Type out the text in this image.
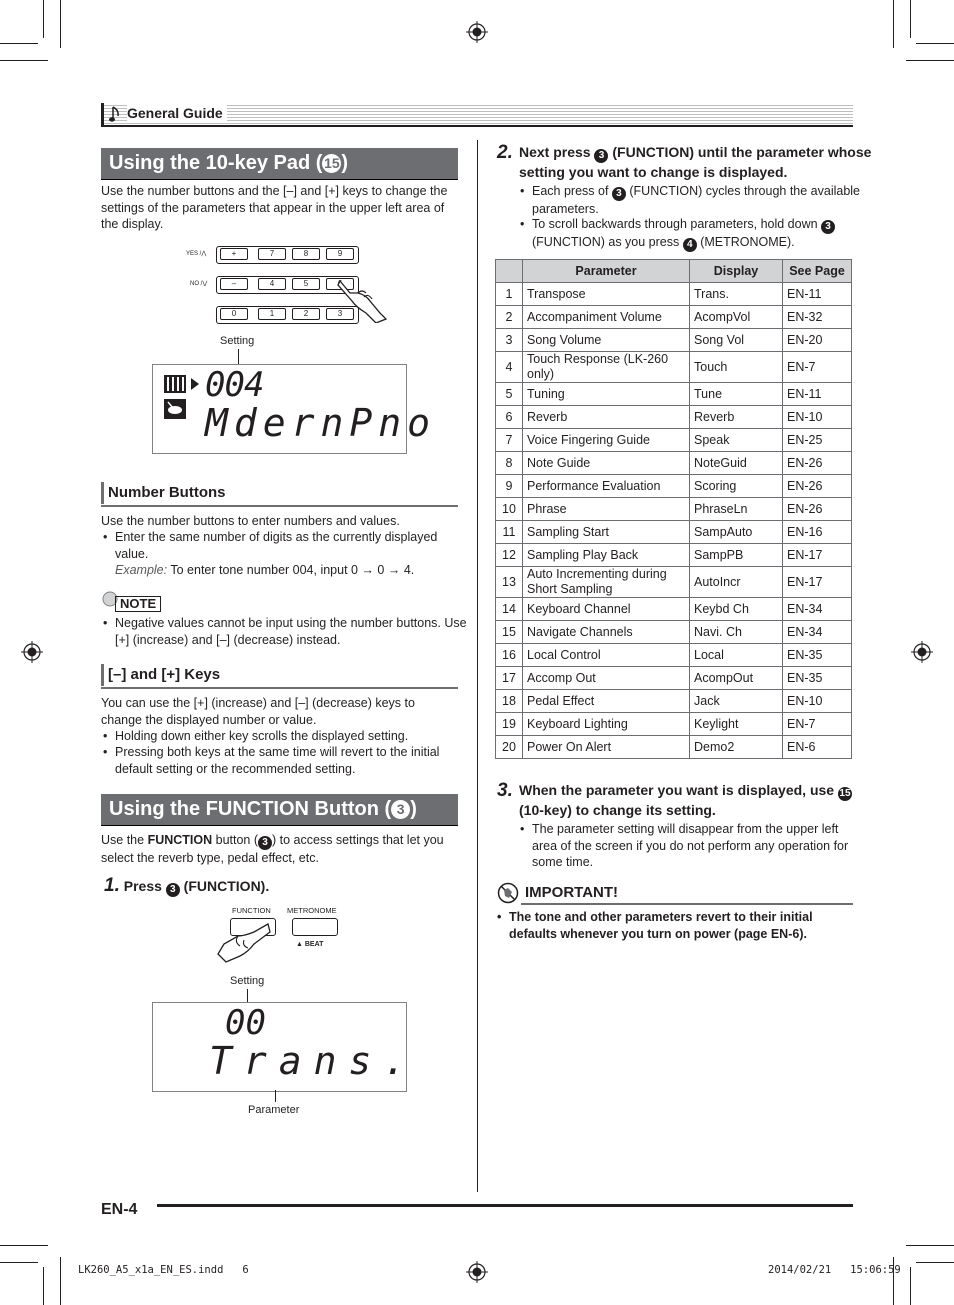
General Guide
Using the 10-key Pad ( 15)
Use the number buttons and the [–] and [+] keys to change the settings of the parameters that appear in the upper left area of the display.
YES /⋀
NO /⋁
+	7	8	9
–	4	5
0	1	2	3
Setting
004
MdernPno
Number Buttons
Use the number buttons to enter numbers and values.
• Enter the same number of digits as the currently displayed value.
Example: To enter tone number 004, input 0 → 0 → 4.
NOTE
• Negative values cannot be input using the number buttons. Use [+] (increase) and [–] (decrease) instead.
[–] and [+] Keys
You can use the [+] (increase) and [–] (decrease) keys to change the displayed number or value.
• Holding down either key scrolls the displayed setting.
• Pressing both keys at the same time will revert to the initial default setting or the recommended setting.
Using the FUNCTION Button ( 3 )
Use the FUNCTION button ( 3 ) to access settings that let you select the reverb type, pedal effect, etc.
1. Press 3 (FUNCTION).
FUNCTION METRONOME
▲ BEAT
Setting
00
Trans.
Parameter
2. Next press 3 (FUNCTION) until the parameter whose setting you want to change is displayed.
• Each press of 3 (FUNCTION) cycles through the available parameters.
• To scroll backwards through parameters, hold down 3 (FUNCTION) as you press 4 (METRONOME).
	Parameter	Display	See Page
1	Transpose	Trans.	EN-11
2	Accompaniment Volume	AcompVol	EN-32
3	Song Volume	Song Vol	EN-20
4	Touch Response (LK-260 only)	Touch	EN-7
5	Tuning	Tune	EN-11
6	Reverb	Reverb	EN-10
7	Voice Fingering Guide	Speak	EN-25
8	Note Guide	NoteGuid	EN-26
9	Performance Evaluation	Scoring	EN-26
10	Phrase	PhraseLn	EN-26
11	Sampling Start	SampAuto	EN-16
12	Sampling Play Back	SampPB	EN-17
13	Auto Incrementing during Short Sampling	AutoIncr	EN-17
14	Keyboard Channel	Keybd Ch	EN-34
15	Navigate Channels	Navi. Ch	EN-34
16	Local Control	Local	EN-35
17	Accomp Out	AcompOut	EN-35
18	Pedal Effect	Jack	EN-10
19	Keyboard Lighting	Keylight	EN-7
20	Power On Alert	Demo2	EN-6
3. When the parameter you want is displayed, use 15 (10-key) to change its setting.
• The parameter setting will disappear from the upper left area of the screen if you do not perform any operation for some time.
IMPORTANT!
• The tone and other parameters revert to their initial defaults whenever you turn on power (page EN-6).
EN-4
LK260_A5_x1a_EN_ES.indd   6	2014/02/21   15:06:59
